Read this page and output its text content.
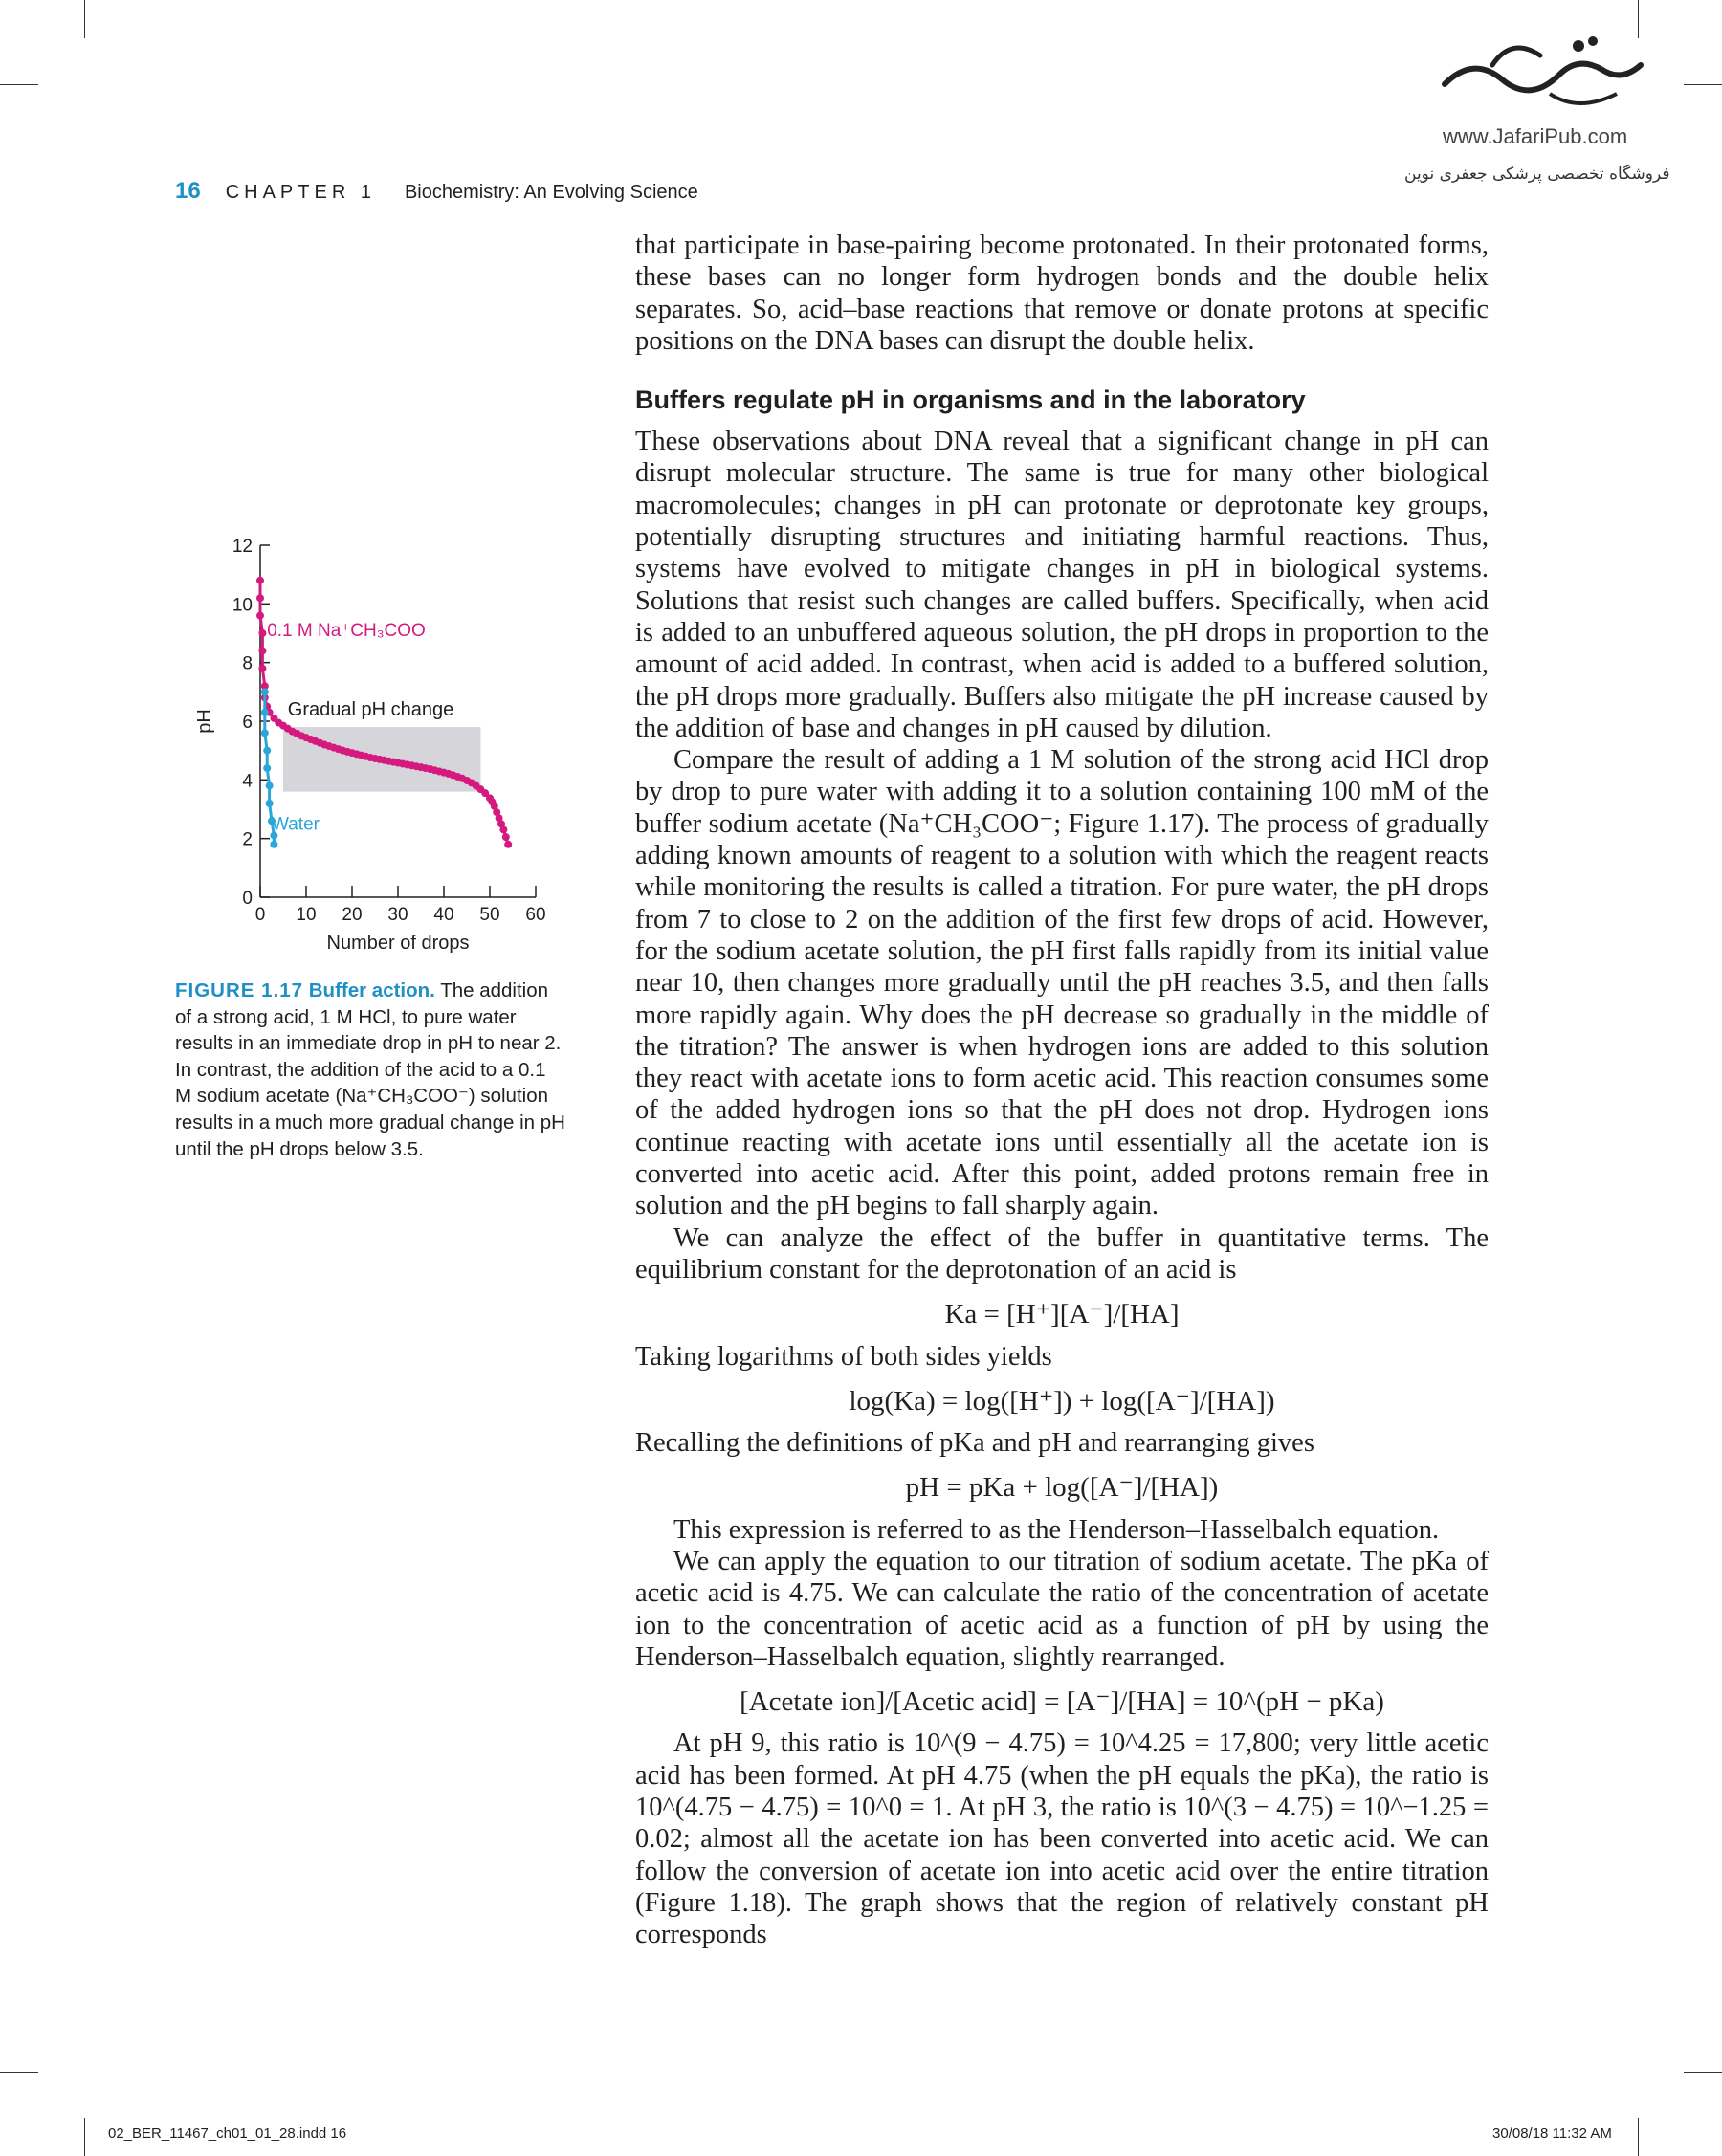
www.JafariPub.com
فروشگاه تخصصی پزشکی جعفری نوین
16 CHAPTER 1 Biochemistry: An Evolving Science
0
2
4
6
8
10
12
0 10 20 30 40 50 60
Number of drops
pH
0.1 M Na⁺CH₃COO⁻
Water
Gradual pH change
FIGURE 1.17 Buffer action. The addition of a strong acid, 1 M HCl, to pure water results in an immediate drop in pH to near 2. In contrast, the addition of the acid to a 0.1 M sodium acetate (Na⁺CH₃COO⁻) solution results in a much more gradual change in pH until the pH drops below 3.5.

that participate in base-pairing become protonated. In their protonated forms, these bases can no longer form hydrogen bonds and the double helix separates. So, acid–base reactions that remove or donate protons at specific positions on the DNA bases can disrupt the double helix.

Buffers regulate pH in organisms and in the laboratory

These observations about DNA reveal that a significant change in pH can disrupt molecular structure. The same is true for many other biological macromolecules; changes in pH can protonate or deprotonate key groups, potentially disrupting structures and initiating harmful reactions. Thus, systems have evolved to mitigate changes in pH in biological systems. Solutions that resist such changes are called buffers. Specifically, when acid is added to an unbuffered aqueous solution, the pH drops in proportion to the amount of acid added. In contrast, when acid is added to a buffered solution, the pH drops more gradually. Buffers also mitigate the pH increase caused by the addition of base and changes in pH caused by dilution.

Compare the result of adding a 1 M solution of the strong acid HCl drop by drop to pure water with adding it to a solution containing 100 mM of the buffer sodium acetate (Na⁺CH₃COO⁻; Figure 1.17). The process of gradually adding known amounts of reagent to a solution with which the reagent reacts while monitoring the results is called a titration. For pure water, the pH drops from 7 to close to 2 on the addition of the first few drops of acid. However, for the sodium acetate solution, the pH first falls rapidly from its initial value near 10, then changes more gradually until the pH reaches 3.5, and then falls more rapidly again. Why does the pH decrease so gradually in the middle of the titration? The answer is when hydrogen ions are added to this solution they react with acetate ions to form acetic acid. This reaction consumes some of the added hydrogen ions so that the pH does not drop. Hydrogen ions continue reacting with acetate ions until essentially all the acetate ion is converted into acetic acid. After this point, added protons remain free in solution and the pH begins to fall sharply again.

We can analyze the effect of the buffer in quantitative terms. The equilibrium constant for the deprotonation of an acid is

Ka = [H⁺][A⁻]/[HA]

Taking logarithms of both sides yields

log(Ka) = log([H⁺]) + log([A⁻]/[HA])

Recalling the definitions of pKa and pH and rearranging gives

pH = pKa + log([A⁻]/[HA])

This expression is referred to as the Henderson–Hasselbalch equation.

We can apply the equation to our titration of sodium acetate. The pKa of acetic acid is 4.75. We can calculate the ratio of the concentration of acetate ion to the concentration of acetic acid as a function of pH by using the Henderson–Hasselbalch equation, slightly rearranged.

[Acetate ion]/[Acetic acid] = [A⁻]/[HA] = 10^(pH − pKa)

At pH 9, this ratio is 10^(9 − 4.75) = 10^4.25 = 17,800; very little acetic acid has been formed. At pH 4.75 (when the pH equals the pKa), the ratio is 10^(4.75 − 4.75) = 10^0 = 1. At pH 3, the ratio is 10^(3 − 4.75) = 10^−1.25 = 0.02; almost all the acetate ion has been converted into acetic acid. We can follow the conversion of acetate ion into acetic acid over the entire titration (Figure 1.18). The graph shows that the region of relatively constant pH corresponds

02_BER_11467_ch01_01_28.indd 16	30/08/18 11:32 AM
